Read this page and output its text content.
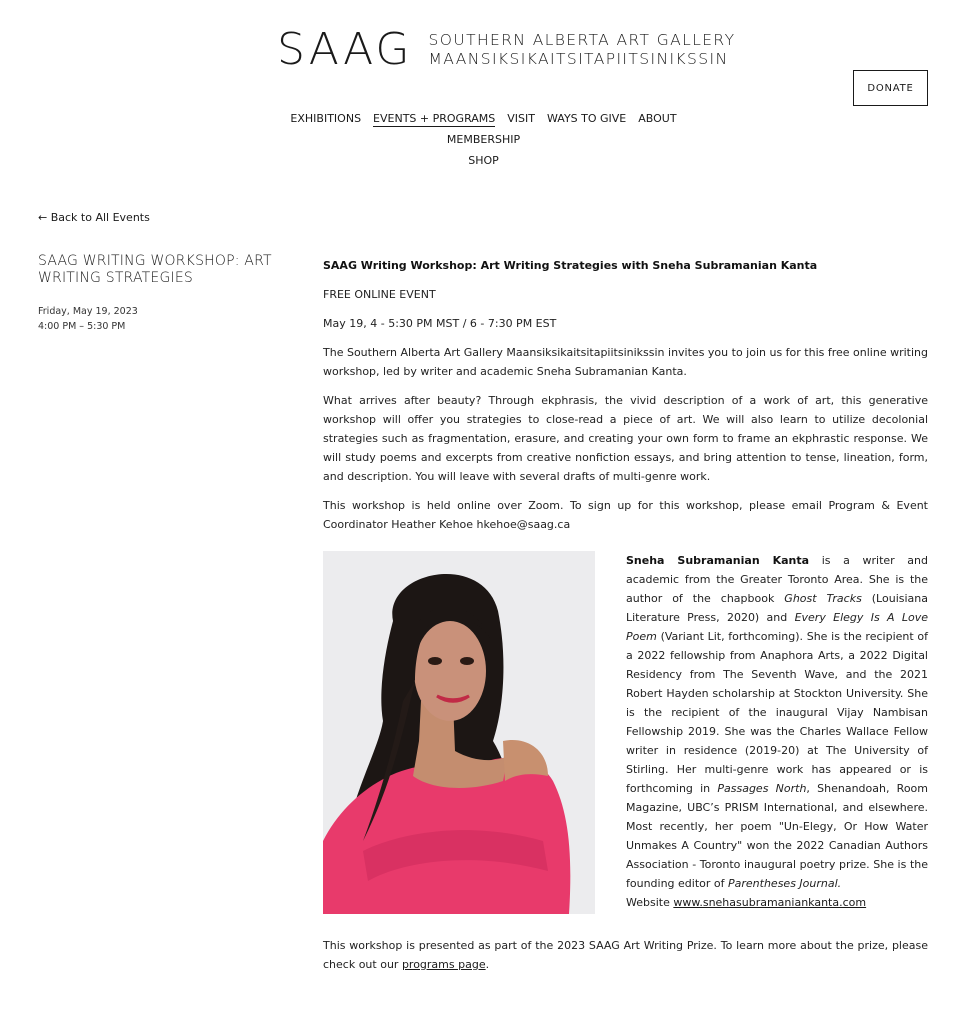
SAAG SOUTHERN ALBERTA ART GALLERY
MAANSIKSIKAITSITAPIITSINIKSSIN
DONATE
EXHIBITIONS EVENTS + PROGRAMS VISIT WAYS TO GIVE ABOUTMEMBERSHIP
SHOP
← Back to All Events
SAAG WRITING WORKSHOP: ART WRITING STRATEGIES
Friday, May 19, 2023
4:00 PM – 5:30 PM

SAAG Writing Workshop: Art Writing Strategies with Sneha Subramanian Kanta

FREE ONLINE EVENT

May 19, 4 - 5:30 PM MST / 6 - 7:30 PM EST

The Southern Alberta Art Gallery Maansiksikaitsitapiitsinikssin invites you to join us for this free online writing workshop, led by writer and academic Sneha Subramanian Kanta.

What arrives after beauty? Through ekphrasis, the vivid description of a work of art, this generative workshop will offer you strategies to close-read a piece of art. We will also learn to utilize decolonial strategies such as fragmentation, erasure, and creating your own form to frame an ekphrastic response. We will study poems and excerpts from creative nonfiction essays, and bring attention to tense, lineation, form, and description. You will leave with several drafts of multi-genre work.

This workshop is held online over Zoom. To sign up for this workshop, please email Program & Event Coordinator Heather Kehoe hkehoe@saag.ca

Sneha Subramanian Kanta is a writer and academic from the Greater Toronto Area. She is the author of the chapbook Ghost Tracks (Louisiana Literature Press, 2020) and Every Elegy Is A Love Poem (Variant Lit, forthcoming). She is the recipient of a 2022 fellowship from Anaphora Arts, a 2022 Digital Residency from The Seventh Wave, and the 2021 Robert Hayden scholarship at Stockton University. She is the recipient of the inaugural Vijay Nambisan Fellowship 2019. She was the Charles Wallace Fellow writer in residence (2019-20) at The University of Stirling. Her multi-genre work has appeared or is forthcoming in Passages North, Shenandoah, Room Magazine, UBC’s PRISM International, and elsewhere. Most recently, her poem "Un-Elegy, Or How Water Unmakes A Country" won the 2022 Canadian Authors Association - Toronto inaugural poetry prize. She is the founding editor of Parentheses Journal.
Website www.snehasubramaniankanta.com

This workshop is presented as part of the 2023 SAAG Art Writing Prize. To learn more about the prize, please check out our programs page.
